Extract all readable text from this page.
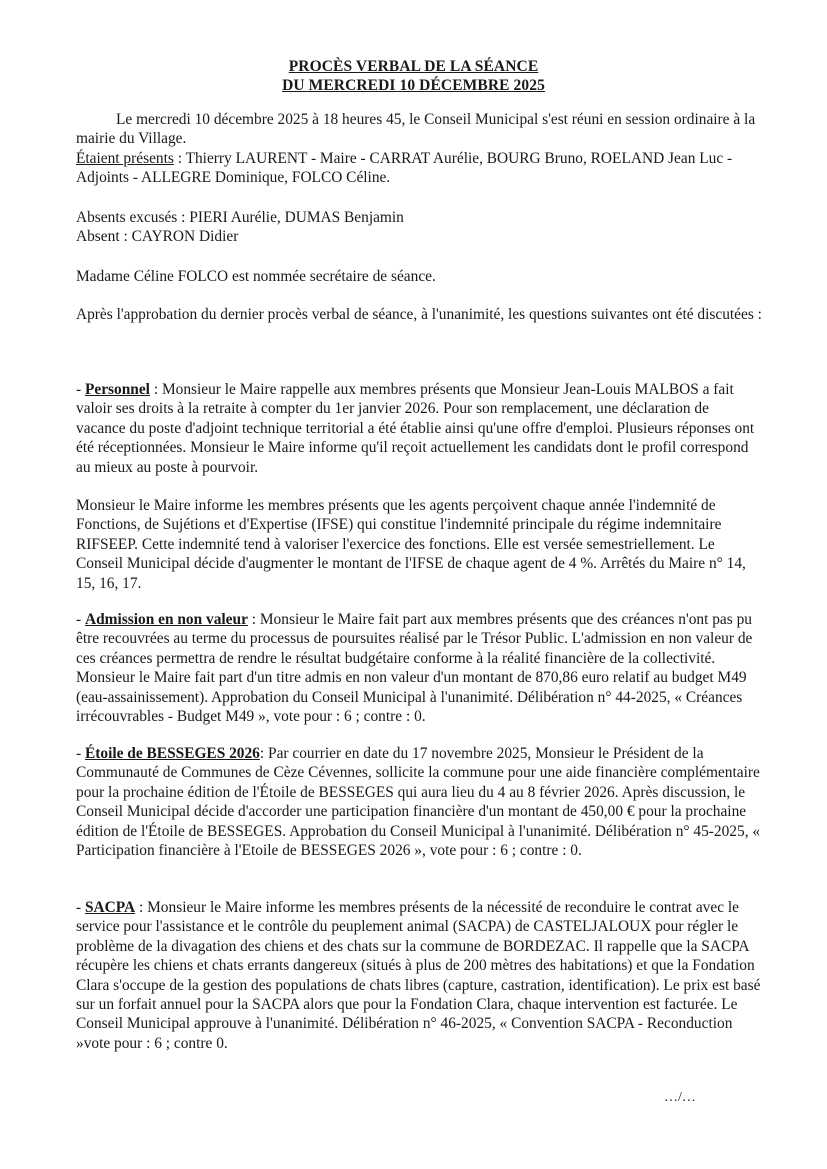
PROCÈS VERBAL DE LA SÉANCE
DU MERCREDI 10 DÉCEMBRE 2025

Le mercredi 10 décembre 2025 à 18 heures 45, le Conseil Municipal s'est réuni en session ordinaire à la mairie du Village.
Étaient présents : Thierry LAURENT - Maire - CARRAT Aurélie, BOURG Bruno, ROELAND Jean Luc - Adjoints - ALLEGRE Dominique, FOLCO Céline.

Absents excusés : PIERI Aurélie, DUMAS Benjamin
Absent : CAYRON Didier

Madame Céline FOLCO est nommée secrétaire de séance.

Après l'approbation du dernier procès verbal de séance, à l'unanimité, les questions suivantes ont été discutées :

- Personnel : Monsieur le Maire rappelle aux membres présents que Monsieur Jean-Louis MALBOS a fait valoir ses droits à la retraite à compter du 1er janvier 2026. Pour son remplacement, une déclaration de vacance du poste d'adjoint technique territorial a été établie ainsi qu'une offre d'emploi. Plusieurs réponses ont été réceptionnées. Monsieur le Maire informe qu'il reçoit actuellement les candidats dont le profil correspond au mieux au poste à pourvoir.

Monsieur le Maire informe les membres présents que les agents perçoivent chaque année l'indemnité de Fonctions, de Sujétions et d'Expertise (IFSE) qui constitue l'indemnité principale du régime indemnitaire RIFSEEP. Cette indemnité tend à valoriser l'exercice des fonctions. Elle est versée semestriellement. Le Conseil Municipal décide d'augmenter le montant de l'IFSE de chaque agent de 4 %. Arrêtés du Maire n° 14, 15, 16, 17.

- Admission en non valeur : Monsieur le Maire fait part aux membres présents que des créances n'ont pas pu être recouvrées au terme du processus de poursuites réalisé par le Trésor Public. L'admission en non valeur de ces créances permettra de rendre le résultat budgétaire conforme à la réalité financière de la collectivité. Monsieur le Maire fait part d'un titre admis en non valeur d'un montant de 870,86 euro relatif au budget M49 (eau-assainissement). Approbation du Conseil Municipal à l'unanimité. Délibération n° 44-2025, « Créances irrécouvrables - Budget M49 », vote pour : 6 ; contre : 0.

- Étoile de BESSEGES 2026: Par courrier en date du 17 novembre 2025, Monsieur le Président de la Communauté de Communes de Cèze Cévennes, sollicite la commune pour une aide financière complémentaire pour la prochaine édition de l'Étoile de BESSEGES qui aura lieu du 4 au 8 février 2026. Après discussion, le Conseil Municipal décide d'accorder une participation financière d'un montant de 450,00 € pour la prochaine édition de l'Étoile de BESSEGES. Approbation du Conseil Municipal à l'unanimité. Délibération n° 45-2025, « Participation financière à l'Etoile de BESSEGES 2026 », vote pour : 6 ; contre : 0.

- SACPA : Monsieur le Maire informe les membres présents de la nécessité de reconduire le contrat avec le service pour l'assistance et le contrôle du peuplement animal (SACPA) de CASTELJALOUX pour régler le problème de la divagation des chiens et des chats sur la commune de BORDEZAC. Il rappelle que la SACPA récupère les chiens et chats errants dangereux (situés à plus de 200 mètres des habitations) et que la Fondation Clara s'occupe de la gestion des populations de chats libres (capture, castration, identification). Le prix est basé sur un forfait annuel pour la SACPA alors que pour la Fondation Clara, chaque intervention est facturée. Le Conseil Municipal approuve à l'unanimité. Délibération n° 46-2025, « Convention SACPA - Reconduction »vote pour : 6 ; contre 0.

…/…
